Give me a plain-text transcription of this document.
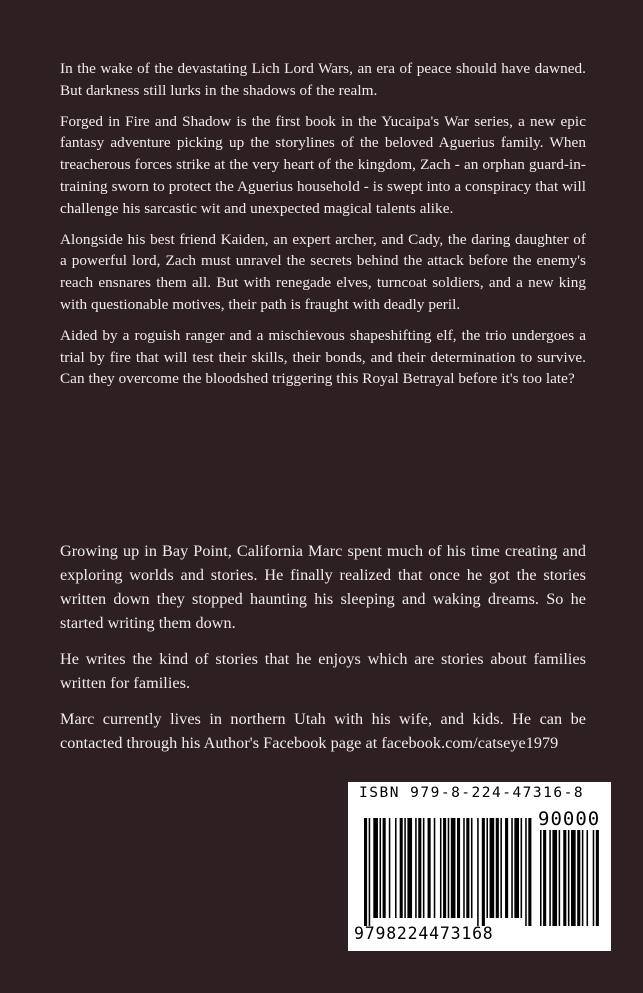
In the wake of the devastating Lich Lord Wars, an era of peace should have dawned. But darkness still lurks in the shadows of the realm.

Forged in Fire and Shadow is the first book in the Yucaipa's War series, a new epic fantasy adventure picking up the storylines of the beloved Aguerius family. When treacherous forces strike at the very heart of the kingdom, Zach - an orphan guard-in-training sworn to protect the Aguerius household - is swept into a conspiracy that will challenge his sarcastic wit and unexpected magical talents alike.

Alongside his best friend Kaiden, an expert archer, and Cady, the daring daughter of a powerful lord, Zach must unravel the secrets behind the attack before the enemy's reach ensnares them all. But with renegade elves, turncoat soldiers, and a new king with questionable motives, their path is fraught with deadly peril.

Aided by a roguish ranger and a mischievous shapeshifting elf, the trio undergoes a trial by fire that will test their skills, their bonds, and their determination to survive. Can they overcome the bloodshed triggering this Royal Betrayal before it's too late?

Growing up in Bay Point, California Marc spent much of his time creating and exploring worlds and stories. He finally realized that once he got the stories written down they stopped haunting his sleeping and waking dreams. So he started writing them down.

He writes the kind of stories that he enjoys which are stories about families written for families.

Marc currently lives in northern Utah with his wife, and kids. He can be contacted through his Author's Facebook page at facebook.com/catseye1979

ISBN 979-8-224-47316-8
90000
9798224473168
